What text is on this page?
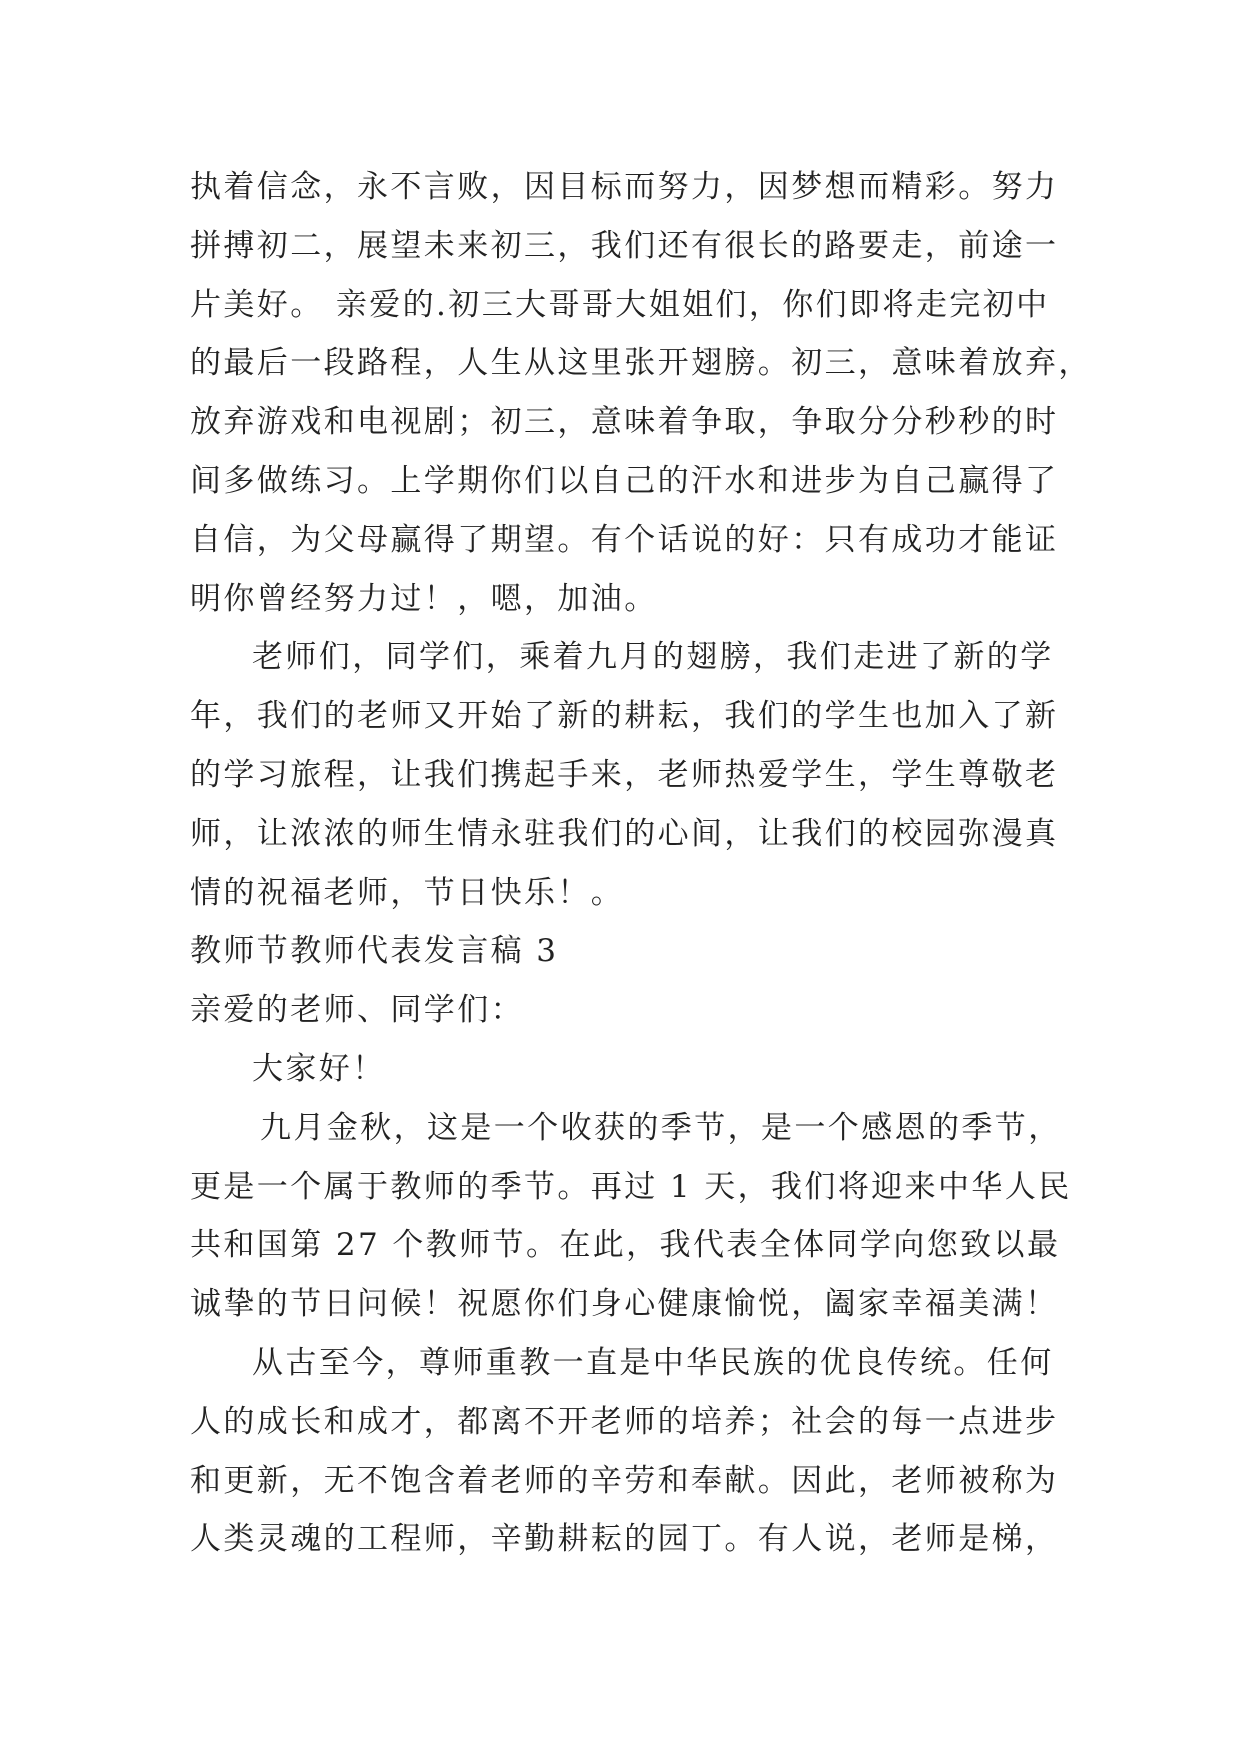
执着信念，永不言败，因目标而努力，因梦想而精彩。努力
拼搏初二，展望未来初三，我们还有很长的路要走，前途一
片美好。 亲爱的.初三大哥哥大姐姐们，你们即将走完初中
的最后一段路程，人生从这里张开翅膀。初三，意味着放弃，
放弃游戏和电视剧；初三，意味着争取，争取分分秒秒的时
间多做练习。上学期你们以自己的汗水和进步为自己赢得了
自信，为父母赢得了期望。有个话说的好：只有成功才能证
明你曾经努力过！，嗯，加油。
老师们，同学们，乘着九月的翅膀，我们走进了新的学
年，我们的老师又开始了新的耕耘，我们的学生也加入了新
的学习旅程，让我们携起手来，老师热爱学生，学生尊敬老
师，让浓浓的师生情永驻我们的心间，让我们的校园弥漫真
情的祝福老师，节日快乐！。
教师节教师代表发言稿 3
亲爱的老师、同学们：
大家好！
九月金秋，这是一个收获的季节，是一个感恩的季节，
更是一个属于教师的季节。再过 1 天，我们将迎来中华人民
共和国第 27 个教师节。在此，我代表全体同学向您致以最
诚挚的节日问候！祝愿你们身心健康愉悦，阖家幸福美满！
从古至今，尊师重教一直是中华民族的优良传统。任何
人的成长和成才，都离不开老师的培养；社会的每一点进步
和更新，无不饱含着老师的辛劳和奉献。因此，老师被称为
人类灵魂的工程师，辛勤耕耘的园丁。有人说，老师是梯，
